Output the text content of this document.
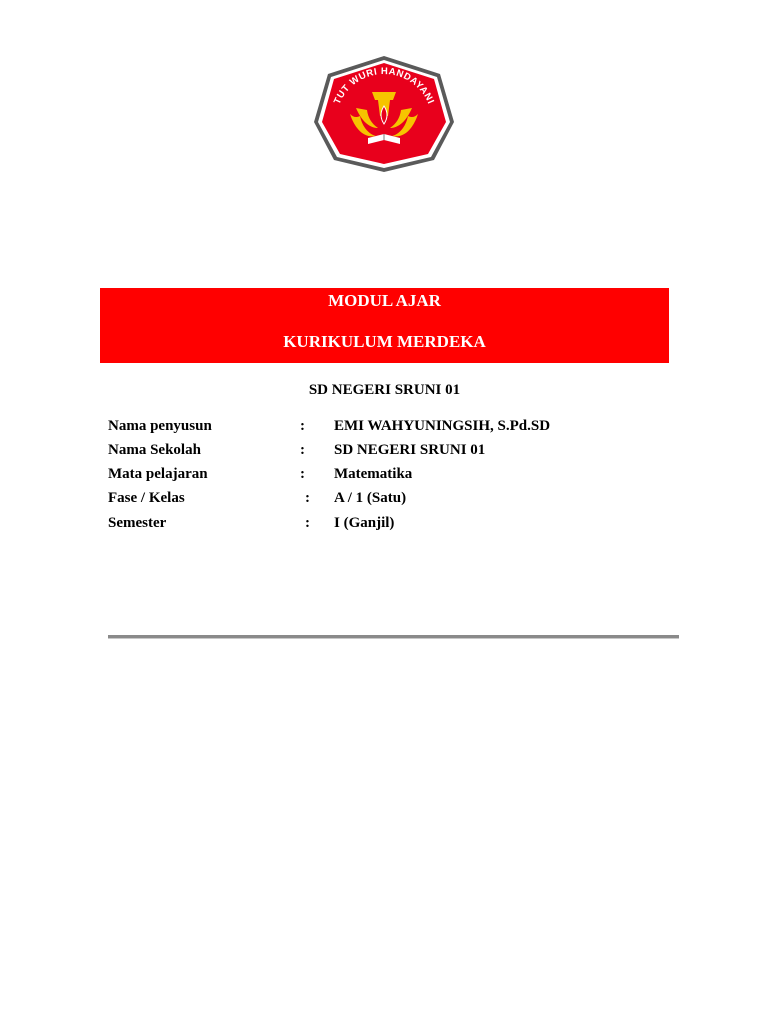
TUT WURI HANDAYANI
MODUL AJAR
KURIKULUM MERDEKA
SD NEGERI SRUNI 01
Nama penyusun	: EMI WAHYUNINGSIH, S.Pd.SD
Nama Sekolah	: SD NEGERI SRUNI 01
Mata pelajaran	: Matematika
Fase / Kelas	: A / 1 (Satu)
Semester	: I (Ganjil)
